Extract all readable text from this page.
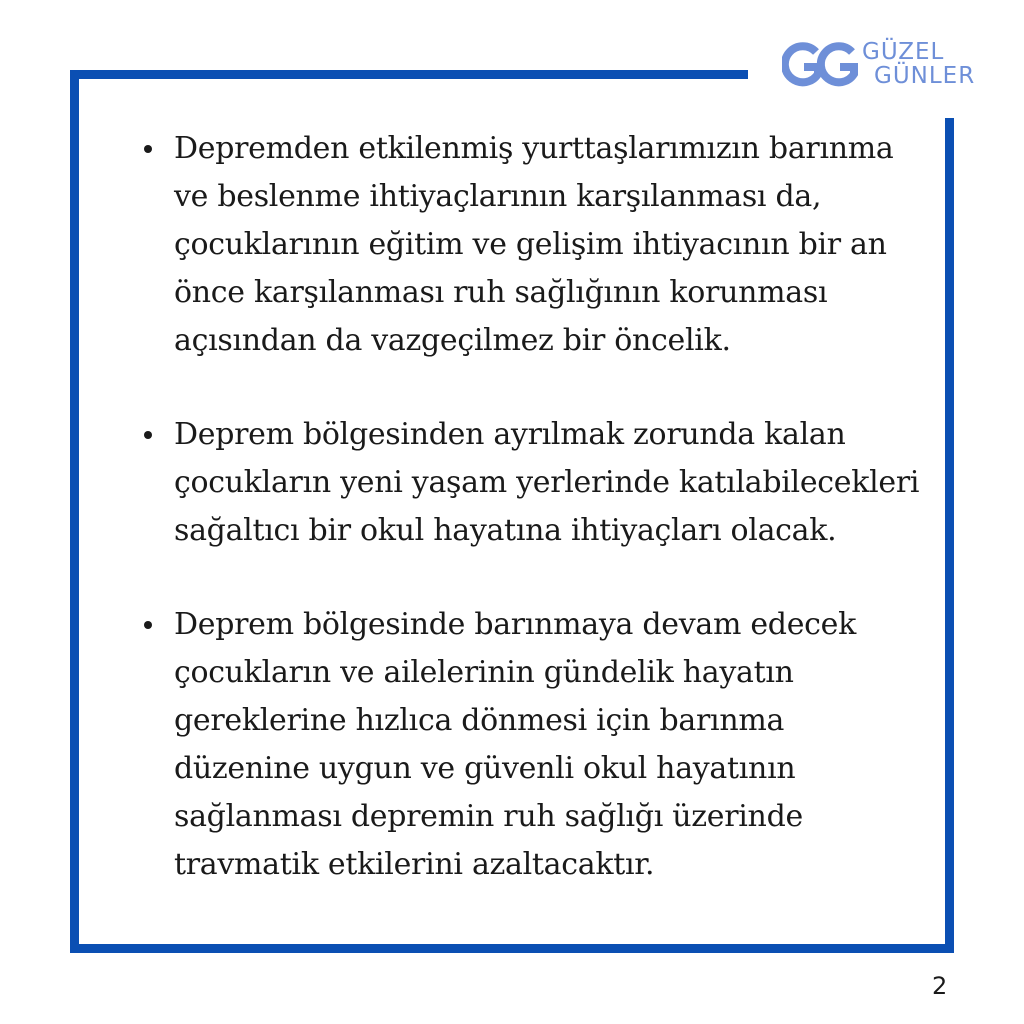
GÜZEL
GÜNLER
Depremden etkilenmiş yurttaşlarımızın barınma
ve beslenme ihtiyaçlarının karşılanması da,
çocuklarının eğitim ve gelişim ihtiyacının bir an
önce karşılanması ruh sağlığının korunması
açısından da vazgeçilmez bir öncelik.
Deprem bölgesinden ayrılmak zorunda kalan
çocukların yeni yaşam yerlerinde katılabilecekleri
sağaltıcı bir okul hayatına ihtiyaçları olacak.
Deprem bölgesinde barınmaya devam edecek
çocukların ve ailelerinin gündelik hayatın
gereklerine hızlıca dönmesi için barınma
düzenine uygun ve güvenli okul hayatının
sağlanması depremin ruh sağlığı üzerinde
travmatik etkilerini azaltacaktır.
2
